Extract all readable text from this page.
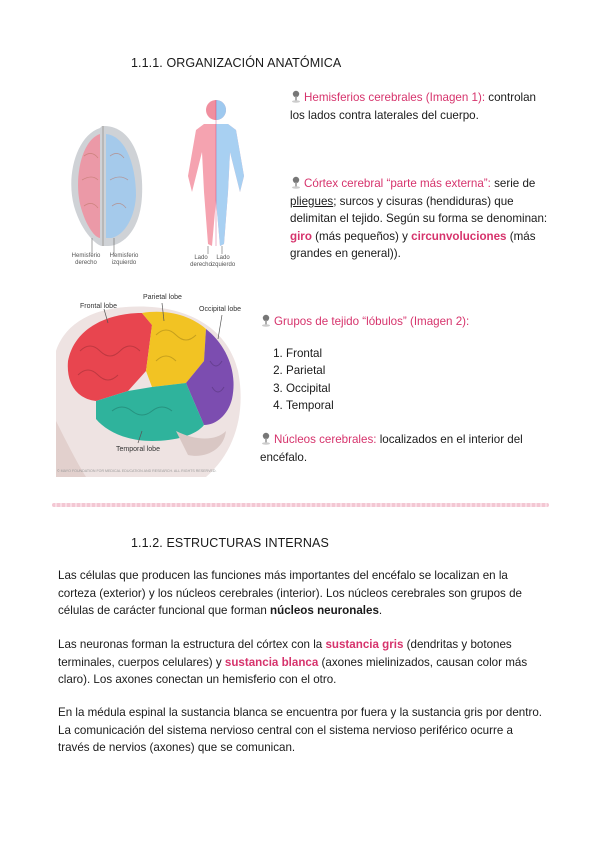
1.1.1. ORGANIZACIÓN ANATÓMICA
Hemisferio derecho
Hemisferio izquierdo
Lado derecho
Lado izquierdo
Hemisferios cerebrales (Imagen 1): controlan los lados contra laterales del cuerpo.
Córtex cerebral “parte más externa”: serie de pliegues; surcos y cisuras (hendiduras) que delimitan el tejido. Según su forma se denominan: giro (más pequeños) y circunvoluciones (más grandes en general)).
Frontal lobe
Parietal lobe
Occipital lobe
Temporal lobe
© MAYO FOUNDATION FOR MEDICAL EDUCATION AND RESEARCH. ALL RIGHTS RESERVED.
Grupos de tejido “lóbulos” (Imagen 2):
1. Frontal
2. Parietal
3. Occipital
4. Temporal
Núcleos cerebrales: localizados en el interior del encéfalo.
1.1.2. ESTRUCTURAS INTERNAS
Las células que producen las funciones más importantes del encéfalo se localizan en la corteza (exterior) y los núcleos cerebrales (interior). Los núcleos cerebrales son grupos de células de carácter funcional que forman núcleos neuronales.
Las neuronas forman la estructura del córtex con la sustancia gris (dendritas y botones terminales, cuerpos celulares) y sustancia blanca (axones mielinizados, causan color más claro). Los axones conectan un hemisferio con el otro.
En la médula espinal la sustancia blanca se encuentra por fuera y la sustancia gris por dentro. La comunicación del sistema nervioso central con el sistema nervioso periférico ocurre a través de nervios (axones) que se comunican.
